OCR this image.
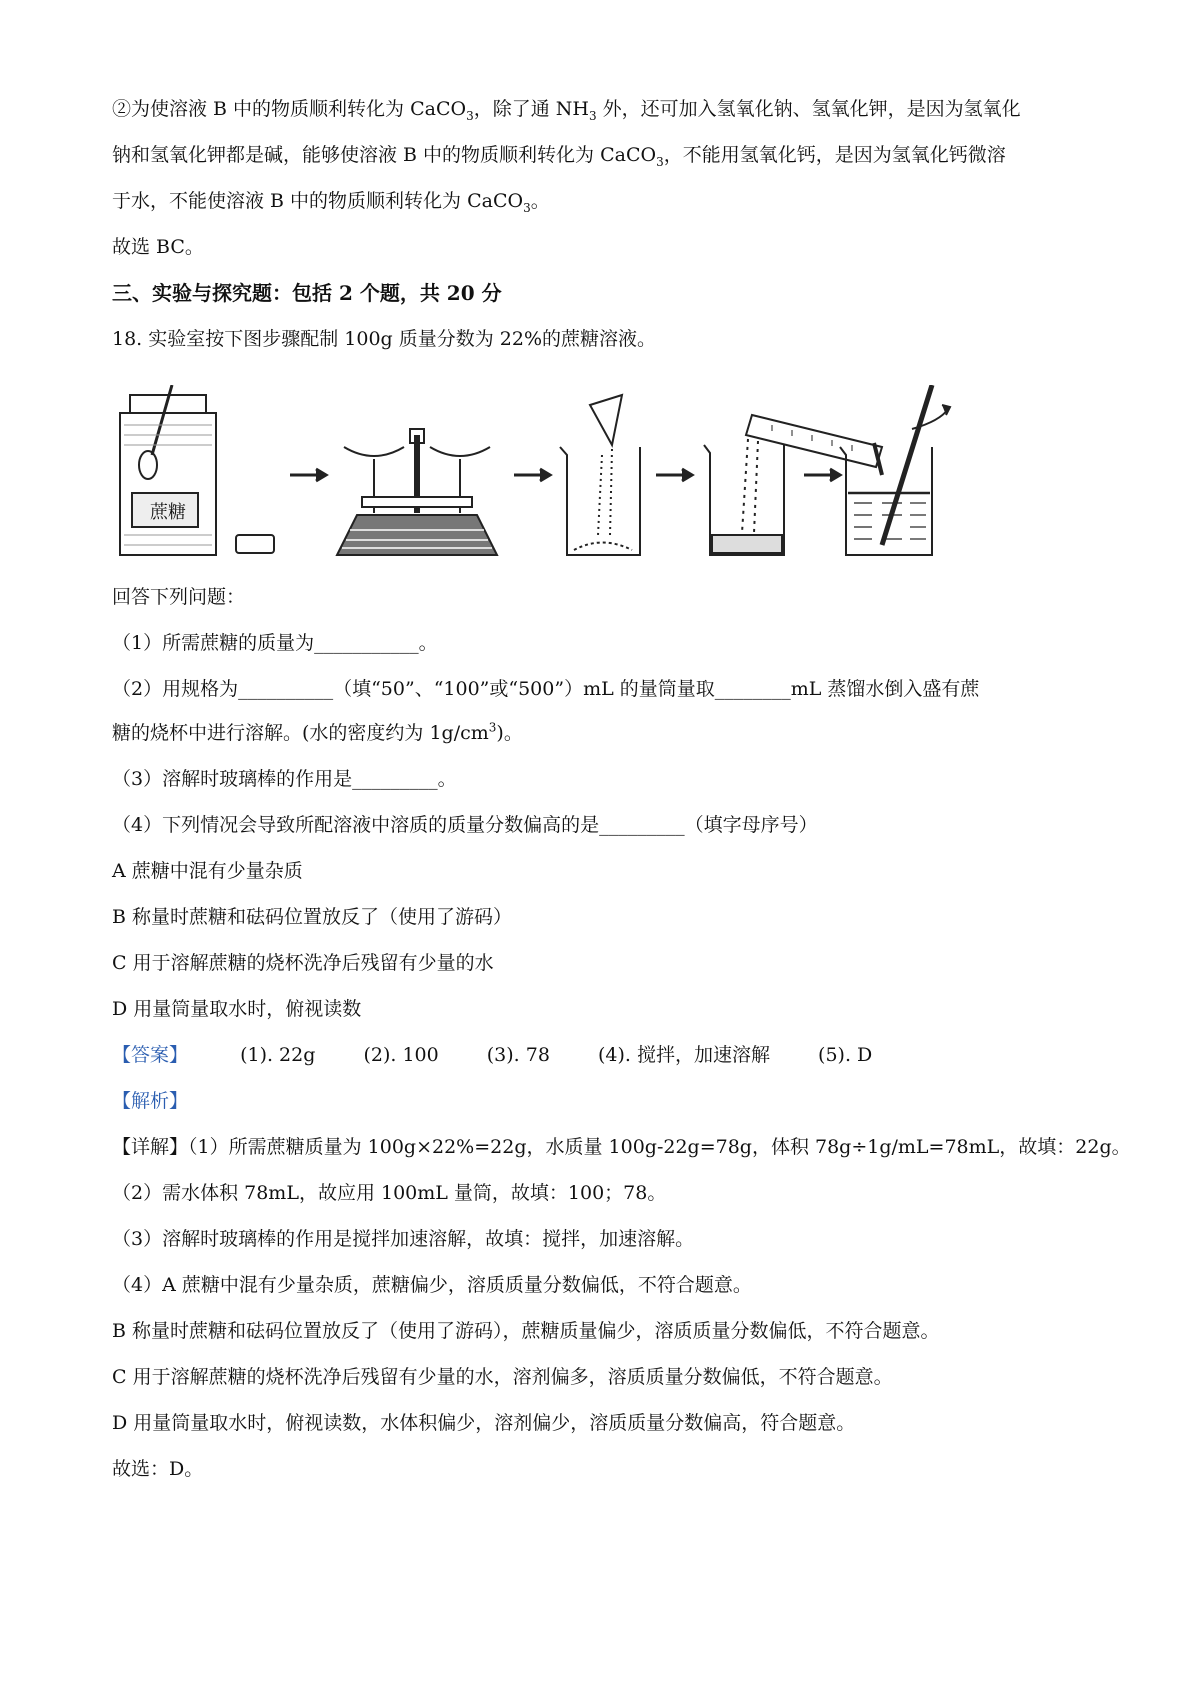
②为使溶液 B 中的物质顺利转化为 CaCO$_3$，除了通 $NH_3$ 外，还可加入氢氧化钠、氢氧化钾，是因为氢氧化
钠和氢氧化钾都是碱，能够使溶液 B 中的物质顺利转化为 CaCO$_3$，不能用氢氧化钙，是因为氢氧化钙微溶
于水，不能使溶液 B 中的物质顺利转化为 CaCO$_3$。
故选 BC。
三、实验与探究题：包括 2 个题，共 20 分
18. 实验室按下图步骤配制 100g 质量分数为 22%的蔗糖溶液。
蔗糖
回答下列问题：
（1）所需蔗糖的质量为___________。
（2）用规格为__________（填“50”、“100”或“500”）mL 的量筒量取________mL 蒸馏水倒入盛有蔗
糖的烧杯中进行溶解。(水的密度约为 $1g/cm^3$)。
（3）溶解时玻璃棒的作用是_________。
（4）下列情况会导致所配溶液中溶质的质量分数偏高的是_________（填字母序号）
A 蔗糖中混有少量杂质
B 称量时蔗糖和砝码位置放反了（使用了游码）
C 用于溶解蔗糖的烧杯洗净后残留有少量的水
D 用量筒量取水时，俯视读数
【答案】	(1). 22g	(2). 100	(3). 78	(4). 搅拌，加速溶解	(5). D
【解析】
【详解】（1）所需蔗糖质量为 100g×22%=22g，水质量 100g-22g=78g，体积 78g÷1g/mL=78mL，故填：22g。
（2）需水体积 78mL，故应用 100mL 量筒，故填：100；78。
（3）溶解时玻璃棒的作用是搅拌加速溶解，故填：搅拌，加速溶解。
（4）A 蔗糖中混有少量杂质，蔗糖偏少，溶质质量分数偏低，不符合题意。
B 称量时蔗糖和砝码位置放反了（使用了游码），蔗糖质量偏少，溶质质量分数偏低，不符合题意。
C 用于溶解蔗糖的烧杯洗净后残留有少量的水，溶剂偏多，溶质质量分数偏低，不符合题意。
D 用量筒量取水时，俯视读数，水体积偏少，溶剂偏少，溶质质量分数偏高，符合题意。
故选：D。
